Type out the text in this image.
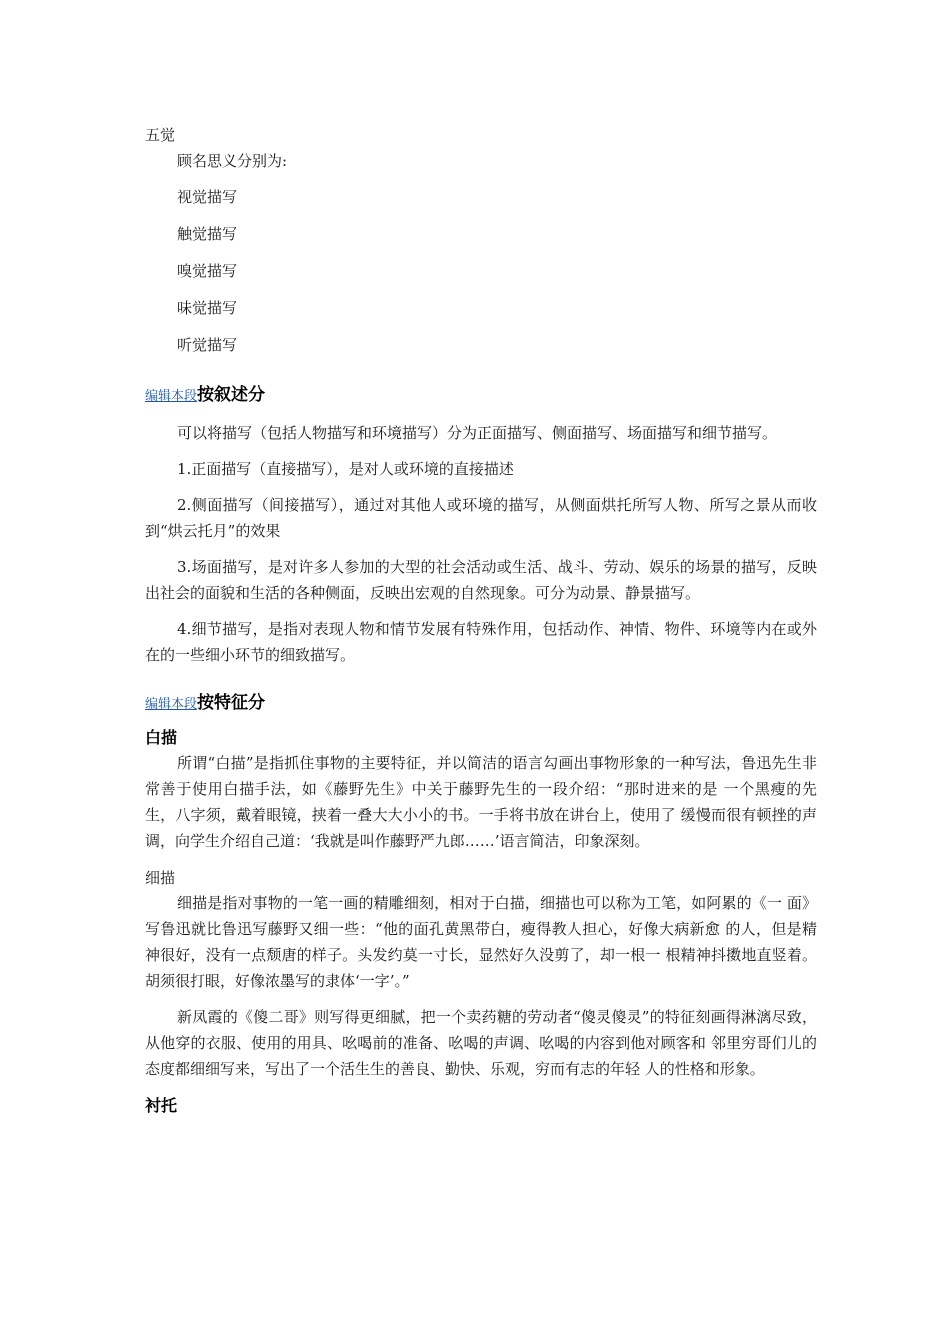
五觉

顾名思义分别为:

视觉描写

触觉描写

嗅觉描写

味觉描写

听觉描写

编辑本段按叙述分

可以将描写（包括人物描写和环境描写）分为正面描写、侧面描写、场面描写和细节描写。

1.正面描写（直接描写），是对人或环境的直接描述

2.侧面描写（间接描写），通过对其他人或环境的描写，从侧面烘托所写人物、所写之景从而收到“烘云托月”的效果

3.场面描写，是对许多人参加的大型的社会活动或生活、战斗、劳动、娱乐的场景的描写，反映出社会的面貌和生活的各种侧面，反映出宏观的自然现象。可分为动景、静景描写。

4.细节描写，是指对表现人物和情节发展有特殊作用，包括动作、神情、物件、环境等内在或外在的一些细小环节的细致描写。

编辑本段按特征分

白描

所谓“白描”是指抓住事物的主要特征，并以简洁的语言勾画出事物形象的一种写法，鲁迅先生非常善于使用白描手法，如《藤野先生》中关于藤野先生的一段介绍：“那时进来的是 一个黑瘦的先生，八字须，戴着眼镜，挟着一叠大大小小的书。一手将书放在讲台上，使用了 缓慢而很有顿挫的声调，向学生介绍自己道：‘我就是叫作藤野严九郎……’语言简洁，印象深刻。

细描

细描是指对事物的一笔一画的精雕细刻，相对于白描，细描也可以称为工笔，如阿累的《一 面》写鲁迅就比鲁迅写藤野又细一些：“他的面孔黄黑带白，瘦得教人担心，好像大病新愈 的人，但是精神很好，没有一点颓唐的样子。头发约莫一寸长，显然好久没剪了，却一根一 根精神抖擞地直竖着。胡须很打眼，好像浓墨写的隶体‘一字’。”

新凤霞的《傻二哥》则写得更细腻，把一个卖药糖的劳动者“傻灵傻灵”的特征刻画得淋漓尽致，从他穿的衣服、使用的用具、吆喝前的准备、吆喝的声调、吆喝的内容到他对顾客和 邻里穷哥们儿的态度都细细写来，写出了一个活生生的善良、勤快、乐观，穷而有志的年轻 人的性格和形象。

衬托
